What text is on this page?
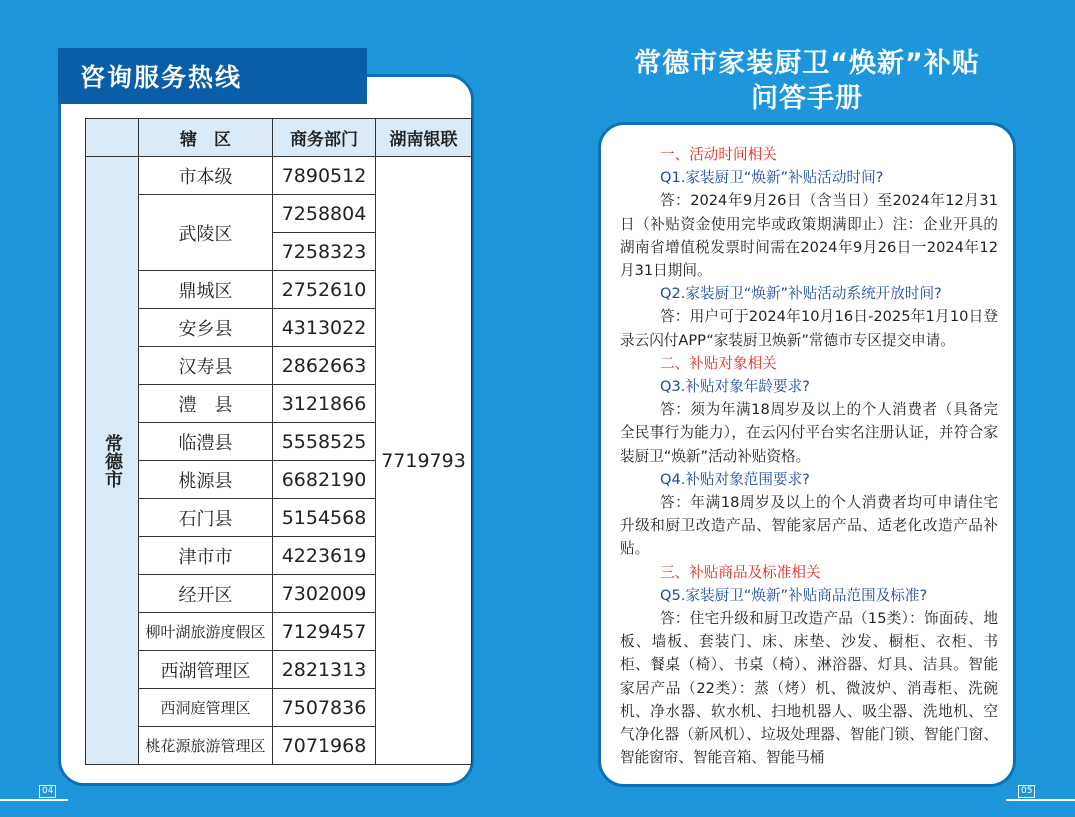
咨询服务热线
	辖　区	商务部门	湖南银联
常德市	市本级	7890512	7719793
	武陵区	7258804	
		7258323	
	鼎城区	2752610	
	安乡县	4313022	
	汉寿县	2862663	
	澧　县	3121866	
	临澧县	5558525	
	桃源县	6682190	
	石门县	5154568	
	津市市	4223619	
	经开区	7302009	
	柳叶湖旅游度假区	7129457	
	西湖管理区	2821313	
	西洞庭管理区	7507836	
	桃花源旅游管理区	7071968	
常德市家装厨卫“焕新”补贴
问答手册

一、活动时间相关

Q1.家装厨卫“焕新”补贴活动时间?

答：2024年9月26日（含当日）至2024年12月31日（补贴资金使用完毕或政策期满即止）注：企业开具的湖南省增值税发票时间需在2024年9月26日一2024年12月31日期间。

Q2.家装厨卫“焕新”补贴活动系统开放时间?

答：用户可于2024年10月16日-2025年1月10日登录云闪付APP“家装厨卫焕新”常德市专区提交申请。

二、补贴对象相关

Q3.补贴对象年龄要求?

答：须为年满18周岁及以上的个人消费者（具备完全民事行为能力），在云闪付平台实名注册认证，并符合家装厨卫“焕新”活动补贴资格。

Q4.补贴对象范围要求?

答：年满18周岁及以上的个人消费者均可申请住宅升级和厨卫改造产品、智能家居产品、适老化改造产品补贴。

三、补贴商品及标准相关

Q5.家装厨卫“焕新”补贴商品范围及标准?

答：住宅升级和厨卫改造产品（15类）：饰面砖、地板、墙板、套装门、床、床垫、沙发、橱柜、衣柜、书柜、餐桌（椅）、书桌（椅）、淋浴器、灯具、洁具。智能家居产品（22类）：蒸（烤）机、微波炉、消毒柜、洗碗机、净水器、软水机、扫地机器人、吸尘器、洗地机、空气净化器（新风机）、垃圾处理器、智能门锁、智能门窗、智能窗帘、智能音箱、智能马桶

04	05
